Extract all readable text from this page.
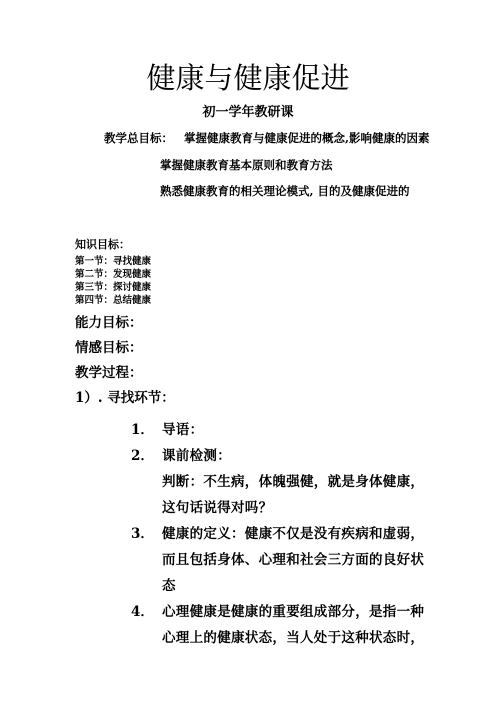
健康与健康促进
初一学年教研课
教学总目标： 掌握健康教育与健康促进的概念,影响健康的因素
掌握健康教育基本原则和教育方法
熟悉健康教育的相关理论模式, 目的及健康促进的
知识目标：
第一节：寻找健康
第二节：发现健康
第三节：探讨健康
第四节：总结健康
能力目标：
情感目标：
教学过程：
1）. 寻找环节：
1． 导语：
2． 课前检测：
判断：不生病，体魄强健，就是身体健康，
这句话说得对吗？
3． 健康的定义：健康不仅是没有疾病和虚弱，
而且包括身体、心理和社会三方面的良好状
态
4． 心理健康是健康的重要组成部分，是指一种
心理上的健康状态，当人处于这种状态时，
